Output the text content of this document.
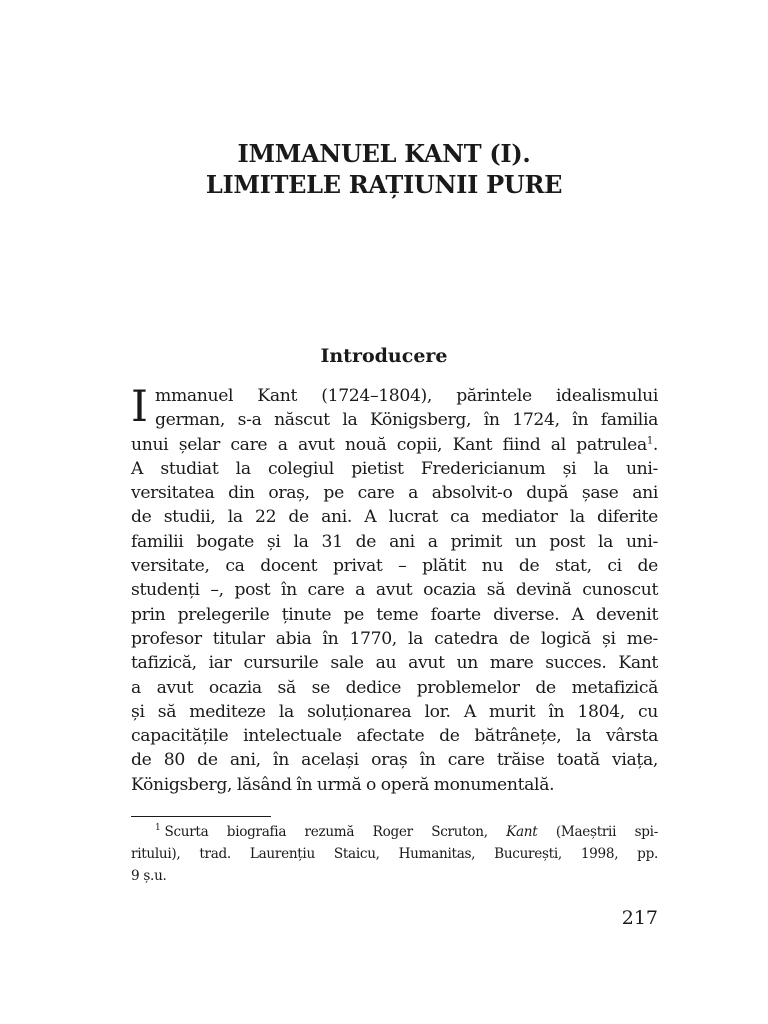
IMMANUEL KANT (I).
LIMITELE RAȚIUNII PURE
Introducere
I mmanuel Kant (1724–1804), părintele idealismului
german, s-a născut la Königsberg, în 1724, în familia
unui șelar care a avut nouă copii, Kant fiind al patrulea$^1$.
A studiat la colegiul pietist Fredericianum și la uni-
versitatea din oraș, pe care a absolvit-o după șase ani
de studii, la 22 de ani. A lucrat ca mediator la diferite
familii bogate și la 31 de ani a primit un post la uni-
versitate, ca docent privat – plătit nu de stat, ci de
studenți –, post în care a avut ocazia să devină cunoscut
prin prelegerile ținute pe teme foarte diverse. A devenit
profesor titular abia în 1770, la catedra de logică și me-
tafizică, iar cursurile sale au avut un mare succes. Kant
a avut ocazia să se dedice problemelor de metafizică
și să mediteze la soluționarea lor. A murit în 1804, cu
capacitățile intelectuale afectate de bătrânețe, la vârsta
de 80 de ani, în același oraș în care trăise toată viața,
Königsberg, lăsând în urmă o operă monumentală.
$^1$ Scurta biografia rezumă Roger Scruton, Kant (Maeștrii spi-
ritului), trad. Laurențiu Staicu, Humanitas, București, 1998, pp.
9 ș.u.

217
